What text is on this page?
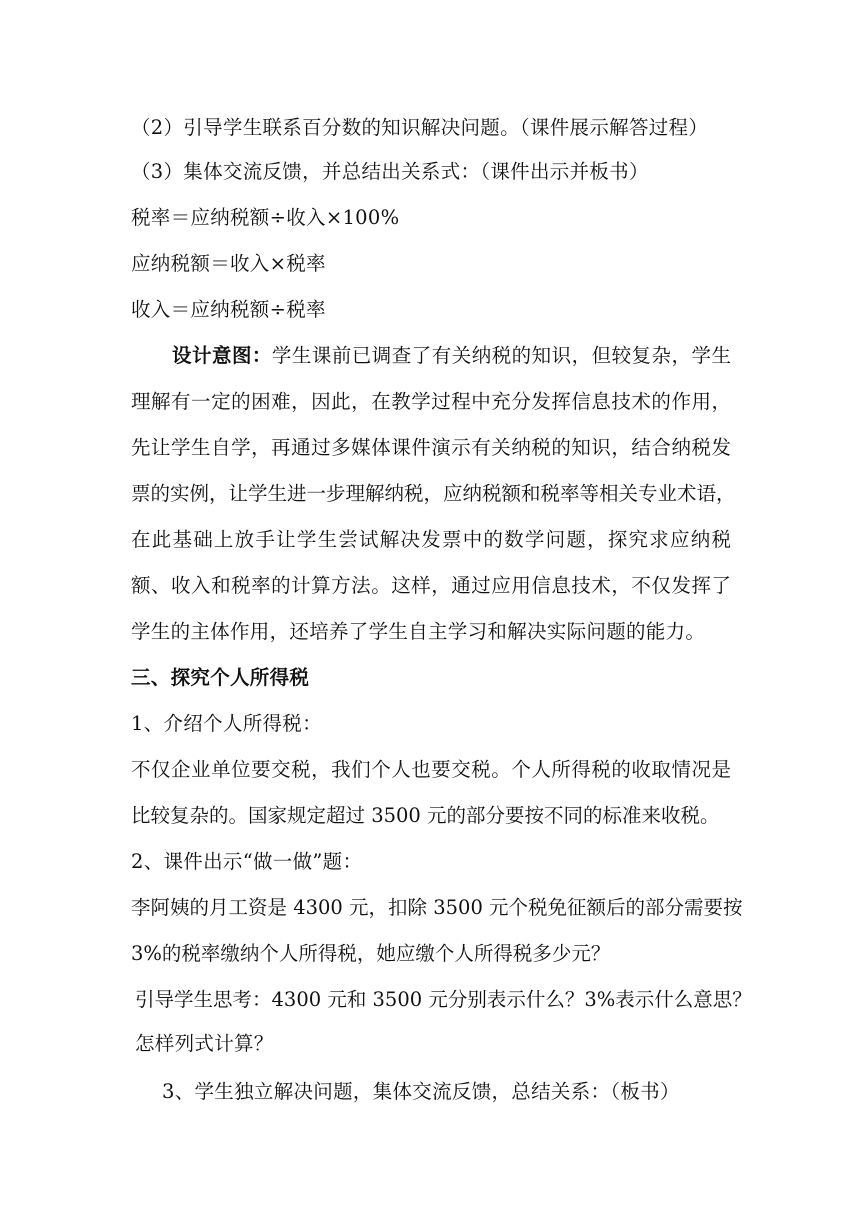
（2）引导学生联系百分数的知识解决问题。（课件展示解答过程）
（3）集体交流反馈，并总结出关系式：（课件出示并板书）
税率＝应纳税额÷收入×100%
应纳税额＝收入×税率
收入＝应纳税额÷税率
设计意图：学生课前已调查了有关纳税的知识，但较复杂，学生
理解有一定的困难，因此，在教学过程中充分发挥信息技术的作用，
先让学生自学，再通过多媒体课件演示有关纳税的知识，结合纳税发
票的实例，让学生进一步理解纳税，应纳税额和税率等相关专业术语，
在此基础上放手让学生尝试解决发票中的数学问题，探究求应纳税
额、收入和税率的计算方法。这样，通过应用信息技术，不仅发挥了
学生的主体作用，还培养了学生自主学习和解决实际问题的能力。
三、探究个人所得税
1、介绍个人所得税：
不仅企业单位要交税，我们个人也要交税。个人所得税的收取情况是
比较复杂的。国家规定超过 3500 元的部分要按不同的标准来收税。
2、课件出示“做一做”题：
李阿姨的月工资是 4300 元，扣除 3500 元个税免征额后的部分需要按
3%的税率缴纳个人所得税，她应缴个人所得税多少元？
引导学生思考：4300 元和 3500 元分别表示什么？3%表示什么意思？
怎样列式计算？
3、学生独立解决问题，集体交流反馈，总结关系：（板书）
